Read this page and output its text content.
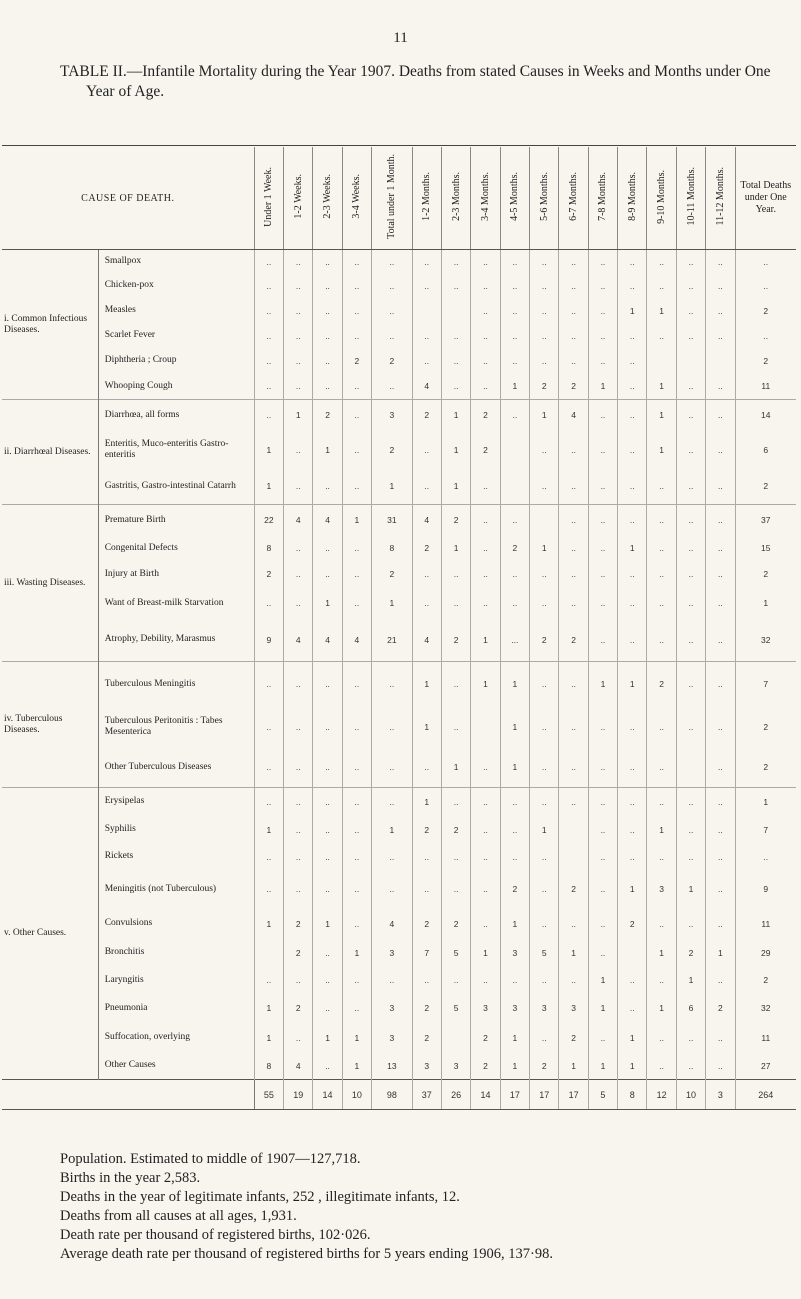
11
TABLE II.—Infantile Mortality during the Year 1907. Deaths from stated Causes in Weeks and Months under One Year of Age.
CAUSE OF DEATH.		Under 1 Week.	1-2 Weeks.	2-3 Weeks.	3-4 Weeks.	Total under 1 Month.	1-2 Months.	2-3 Months.	3-4 Months.	4-5 Months.	5-6 Months.	6-7 Months.	7-8 Months.	8-9 Months.	9-10 Months.	10-11 Months.	11-12 Months.	Total Deaths under One Year.
i. Common Infectious Diseases.	Smallpox	..	..	..	..	..	..	..	..	..	..	..	..	..	..	..	..	..
	Chicken-pox	..	..	..	..	..	..	..	..	..	..	..	..	..	..	..	..	..
	Measles	..	..	..	..	..			..	..	..	..	..	1	1	..	..	2
	Scarlet Fever	..	..	..	..	..	..	..	..	..	..	..	..	..	..	..	..	..
	Diphtheria ; Croup	..	..	..	2	2	..	..	..	..	..	..	..	..				2
	Whooping Cough	..	..	..	..	..	4	..	..	1	2	2	1	..	1	..	..	11
ii. Diarrhœal Diseases.	Diarrhœa, all forms	..	1	2	..	3	2	1	2	..	1	4	..	..	1	..	..	14
	Enteritis, Muco-enteritis Gastro-enteritis	1	..	1	..	2	..	1	2		..	..	..	..	1	..	..	6
	Gastritis, Gastro-intestinal Catarrh	1	..	..	..	1	..	1	..		..	..	..	..	..	..	..	2
iii. Wasting Diseases.	Premature Birth	22	4	4	1	31	4	2	..	..		..	..	..	..	..	..	37
	Congenital Defects	8	..	..	..	8	2	1	..	2	1	..	..	1	..	..	..	15
	Injury at Birth	2	..	..	..	2	..	..	..	..	..	..	..	..	..	..	..	2
	Want of Breast-milk Starvation	..	..	1	..	1	..	..	..	..	..	..	..	..	..	..	..	1
	Atrophy, Debility, Marasmus	9	4	4	4	21	4	2	1	...	2	2	..	..	..	..	..	32
iv. Tuberculous Diseases.	Tuberculous Meningitis	..	..	..	..	..	1	..	1	1	..	..	1	1	2	..	..	7
	Tuberculous Peritonitis : Tabes Mesenterica	..	..	..	..	..	1	..		1	..	..	..	..	..	..	..	2
	Other Tuberculous Diseases	..	..	..	..	..	..	1	..	1	..	..	..	..	..		..	2
v. Other Causes.	Erysipelas	..	..	..	..	..	1	..	..	..	..	..	..	..	..	..	..	1
	Syphilis	1	..	..	..	1	2	2	..	..	1		..	..	1	..	..	7
	Rickets	..	..	..	..	..	..	..	..	..	..		..	..	..	..	..	..
	Meningitis (not Tuberculous)	..	..	..	..	..	..	..	..	2	..	2	..	1	3	1	..	9
	Convulsions	1	2	1	..	4	2	2	..	1	..	..	..	2	..	..	..	11
	Bronchitis		2	..	1	3	7	5	1	3	5	1	..		1	2	1	29
	Laryngitis	..	..	..	..	..	..	..	..	..	..	..	1	..	..	1	..	2
	Pneumonia	1	2	..	..	3	2	5	3	3	3	3	1	..	1	6	2	32
	Suffocation, overlying	1	..	1	1	3	2		2	1	..	2	..	1	..	..	..	11
	Other Causes	8	4	..	1	13	3	3	2	1	2	1	1	1	..	..	..	27
		55	19	14	10	98	37	26	14	17	17	17	5	8	12	10	3	264
Population. Estimated to middle of 1907—127,718.
Births in the year 2,583.
Deaths in the year of legitimate infants, 252 , illegitimate infants, 12.
Deaths from all causes at all ages, 1,931.
Death rate per thousand of registered births, 102·026.
Average death rate per thousand of registered births for 5 years ending 1906, 137·98.
